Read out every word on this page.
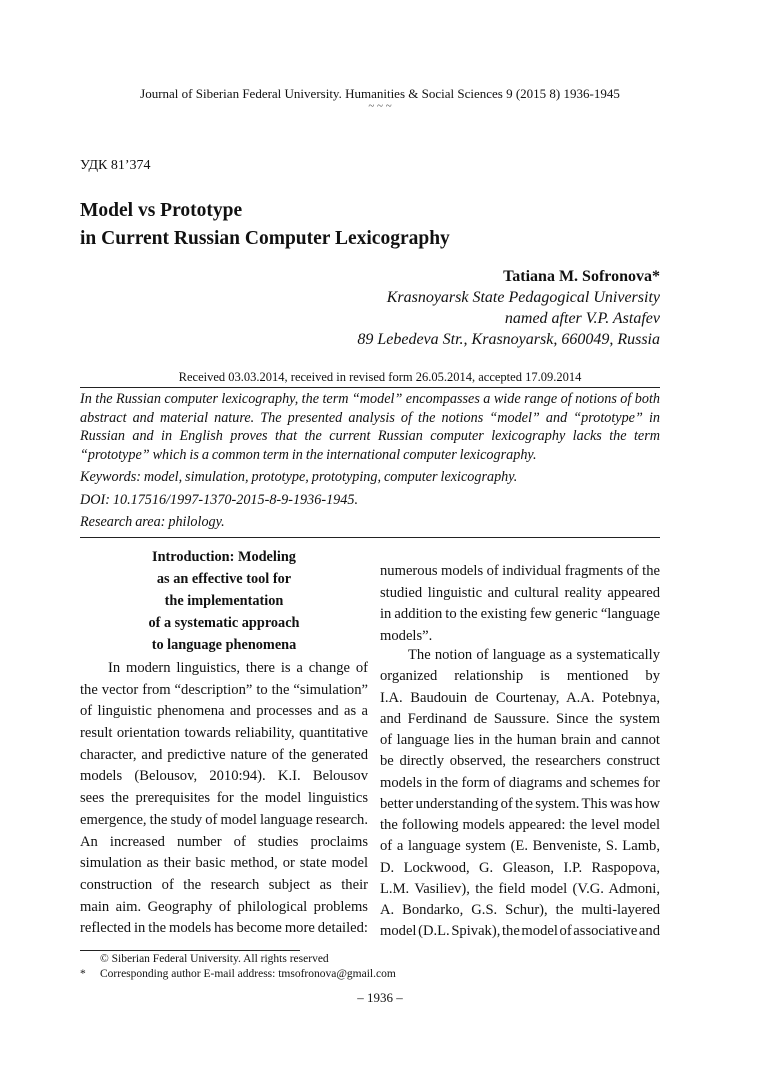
Journal of Siberian Federal University. Humanities & Social Sciences 9 (2015 8) 1936-1945
~ ~ ~
УДК 81’374
Model vs Prototype
in Current Russian Computer Lexicography
Tatiana M. Sofronova*
Krasnoyarsk State Pedagogical University
named after V.P. Astafev
89 Lebedeva Str., Krasnoyarsk, 660049, Russia
Received 03.03.2014, received in revised form 26.05.2014, accepted 17.09.2014

In the Russian computer lexicography, the term “model” encompasses a wide range of notions of both abstract and material nature. The presented analysis of the notions “model” and “prototype” in Russian and in English proves that the current Russian computer lexicography lacks the term “prototype” which is a common term in the international computer lexicography.

Keywords: model, simulation, prototype, prototyping, computer lexicography.

DOI: 10.17516/1997-1370-2015-8-9-1936-1945.

Research area: philology.

Introduction: Modeling
as an effective tool for
the implementation
of a systematic approach
to language phenomena
In modern linguistics, there is a change of
the vector from “description” to the “simulation”
of linguistic phenomena and processes and as a
result orientation towards reliability, quantitative
character, and predictive nature of the generated
models (Belousov, 2010:94). K.I. Belousov
sees the prerequisites for the model linguistics
emergence, the study of model language research.
An increased number of studies proclaims
simulation as their basic method, or state model
construction of the research subject as their
main aim. Geography of philological problems
reflected in the models has become more detailed:
numerous models of individual fragments of the
studied linguistic and cultural reality appeared
in addition to the existing few generic “language
models”.
The notion of language as a systematically
organized relationship is mentioned by
I.A. Baudouin de Courtenay, A.A. Potebnya,
and Ferdinand de Saussure. Since the system
of language lies in the human brain and cannot
be directly observed, the researchers construct
models in the form of diagrams and schemes for
better understanding of the system. This was how
the following models appeared: the level model
of a language system (E. Benveniste, S. Lamb,
D. Lockwood, G. Gleason, I.P. Raspopova,
L.M. Vasiliev), the field model (V.G. Admoni,
A. Bondarko, G.S. Schur), the multi-layered
model (D.L. Spivak), the model of associative and
© Siberian Federal University. All rights reserved
* Corresponding author E-mail address: tmsofronova@gmail.com
– 1936 –
